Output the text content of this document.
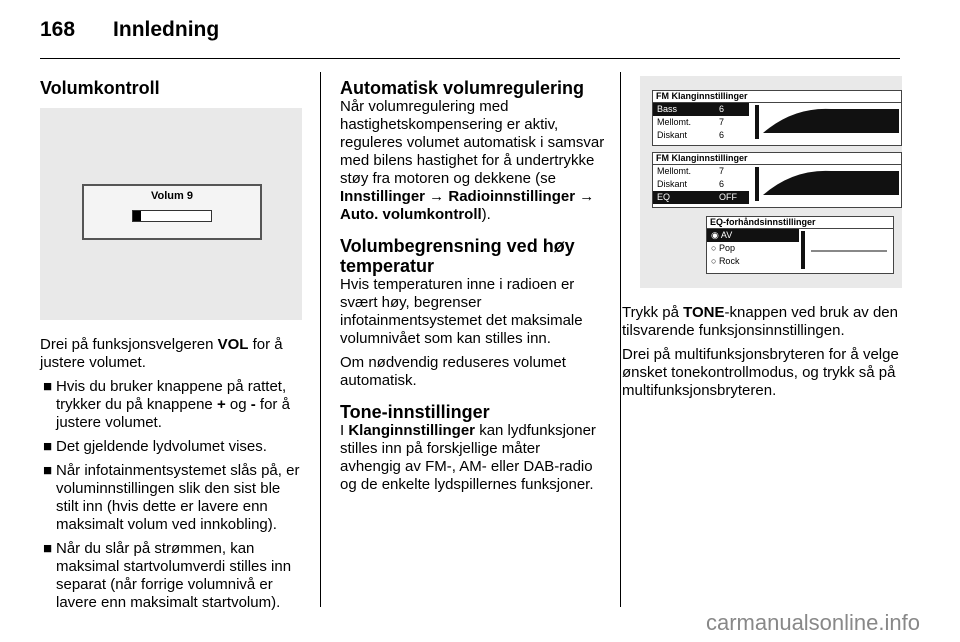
168 Innledning
Volumkontroll
Volum 9

Drei på funksjonsvelgeren VOL for å justere volumet.

■ Hvis du bruker knappene på rattet, trykker du på knappene + og - for å justere volumet.
■ Det gjeldende lydvolumet vises.
■ Når infotainmentsystemet slås på, er voluminnstillingen slik den sist ble stilt inn (hvis dette er lavere enn maksimalt volum ved innkobling).
■ Når du slår på strømmen, kan maksimal startvolumverdi stilles inn separat (når forrige volumnivå er lavere enn maksimalt startvolum).
Automatisk volumregulering

Når volumregulering med hastighetskompensering er aktiv, reguleres volumet automatisk i samsvar med bilens hastighet for å undertrykke støy fra motoren og dekkene (se Innstillinger → Radioinnstillinger → Auto. volumkontroll).

Volumbegrensning ved høy temperatur

Hvis temperaturen inne i radioen er svært høy, begrenser infotainmentsystemet det maksimale volumnivået som kan stilles inn.

Om nødvendig reduseres volumet automatisk.

Tone-innstillinger

I Klanginnstillinger kan lydfunksjoner stilles inn på forskjellige måter avhengig av FM-, AM- eller DAB-radio og de enkelte lydspillernes funksjoner.

FM Klanginnstillinger
Bass	6
Mellomt.	7
Diskant	6
FM Klanginnstillinger
Mellomt.	7
Diskant	6
EQ	OFF
EQ-forhåndsinnstillinger
◉ AV
○ Pop
○ Rock

Trykk på TONE-knappen ved bruk av den tilsvarende funksjonsinnstillingen.

Drei på multifunksjonsbryteren for å velge ønsket tonekontrollmodus, og trykk så på multifunksjonsbryteren.

carmanualsonline.info
